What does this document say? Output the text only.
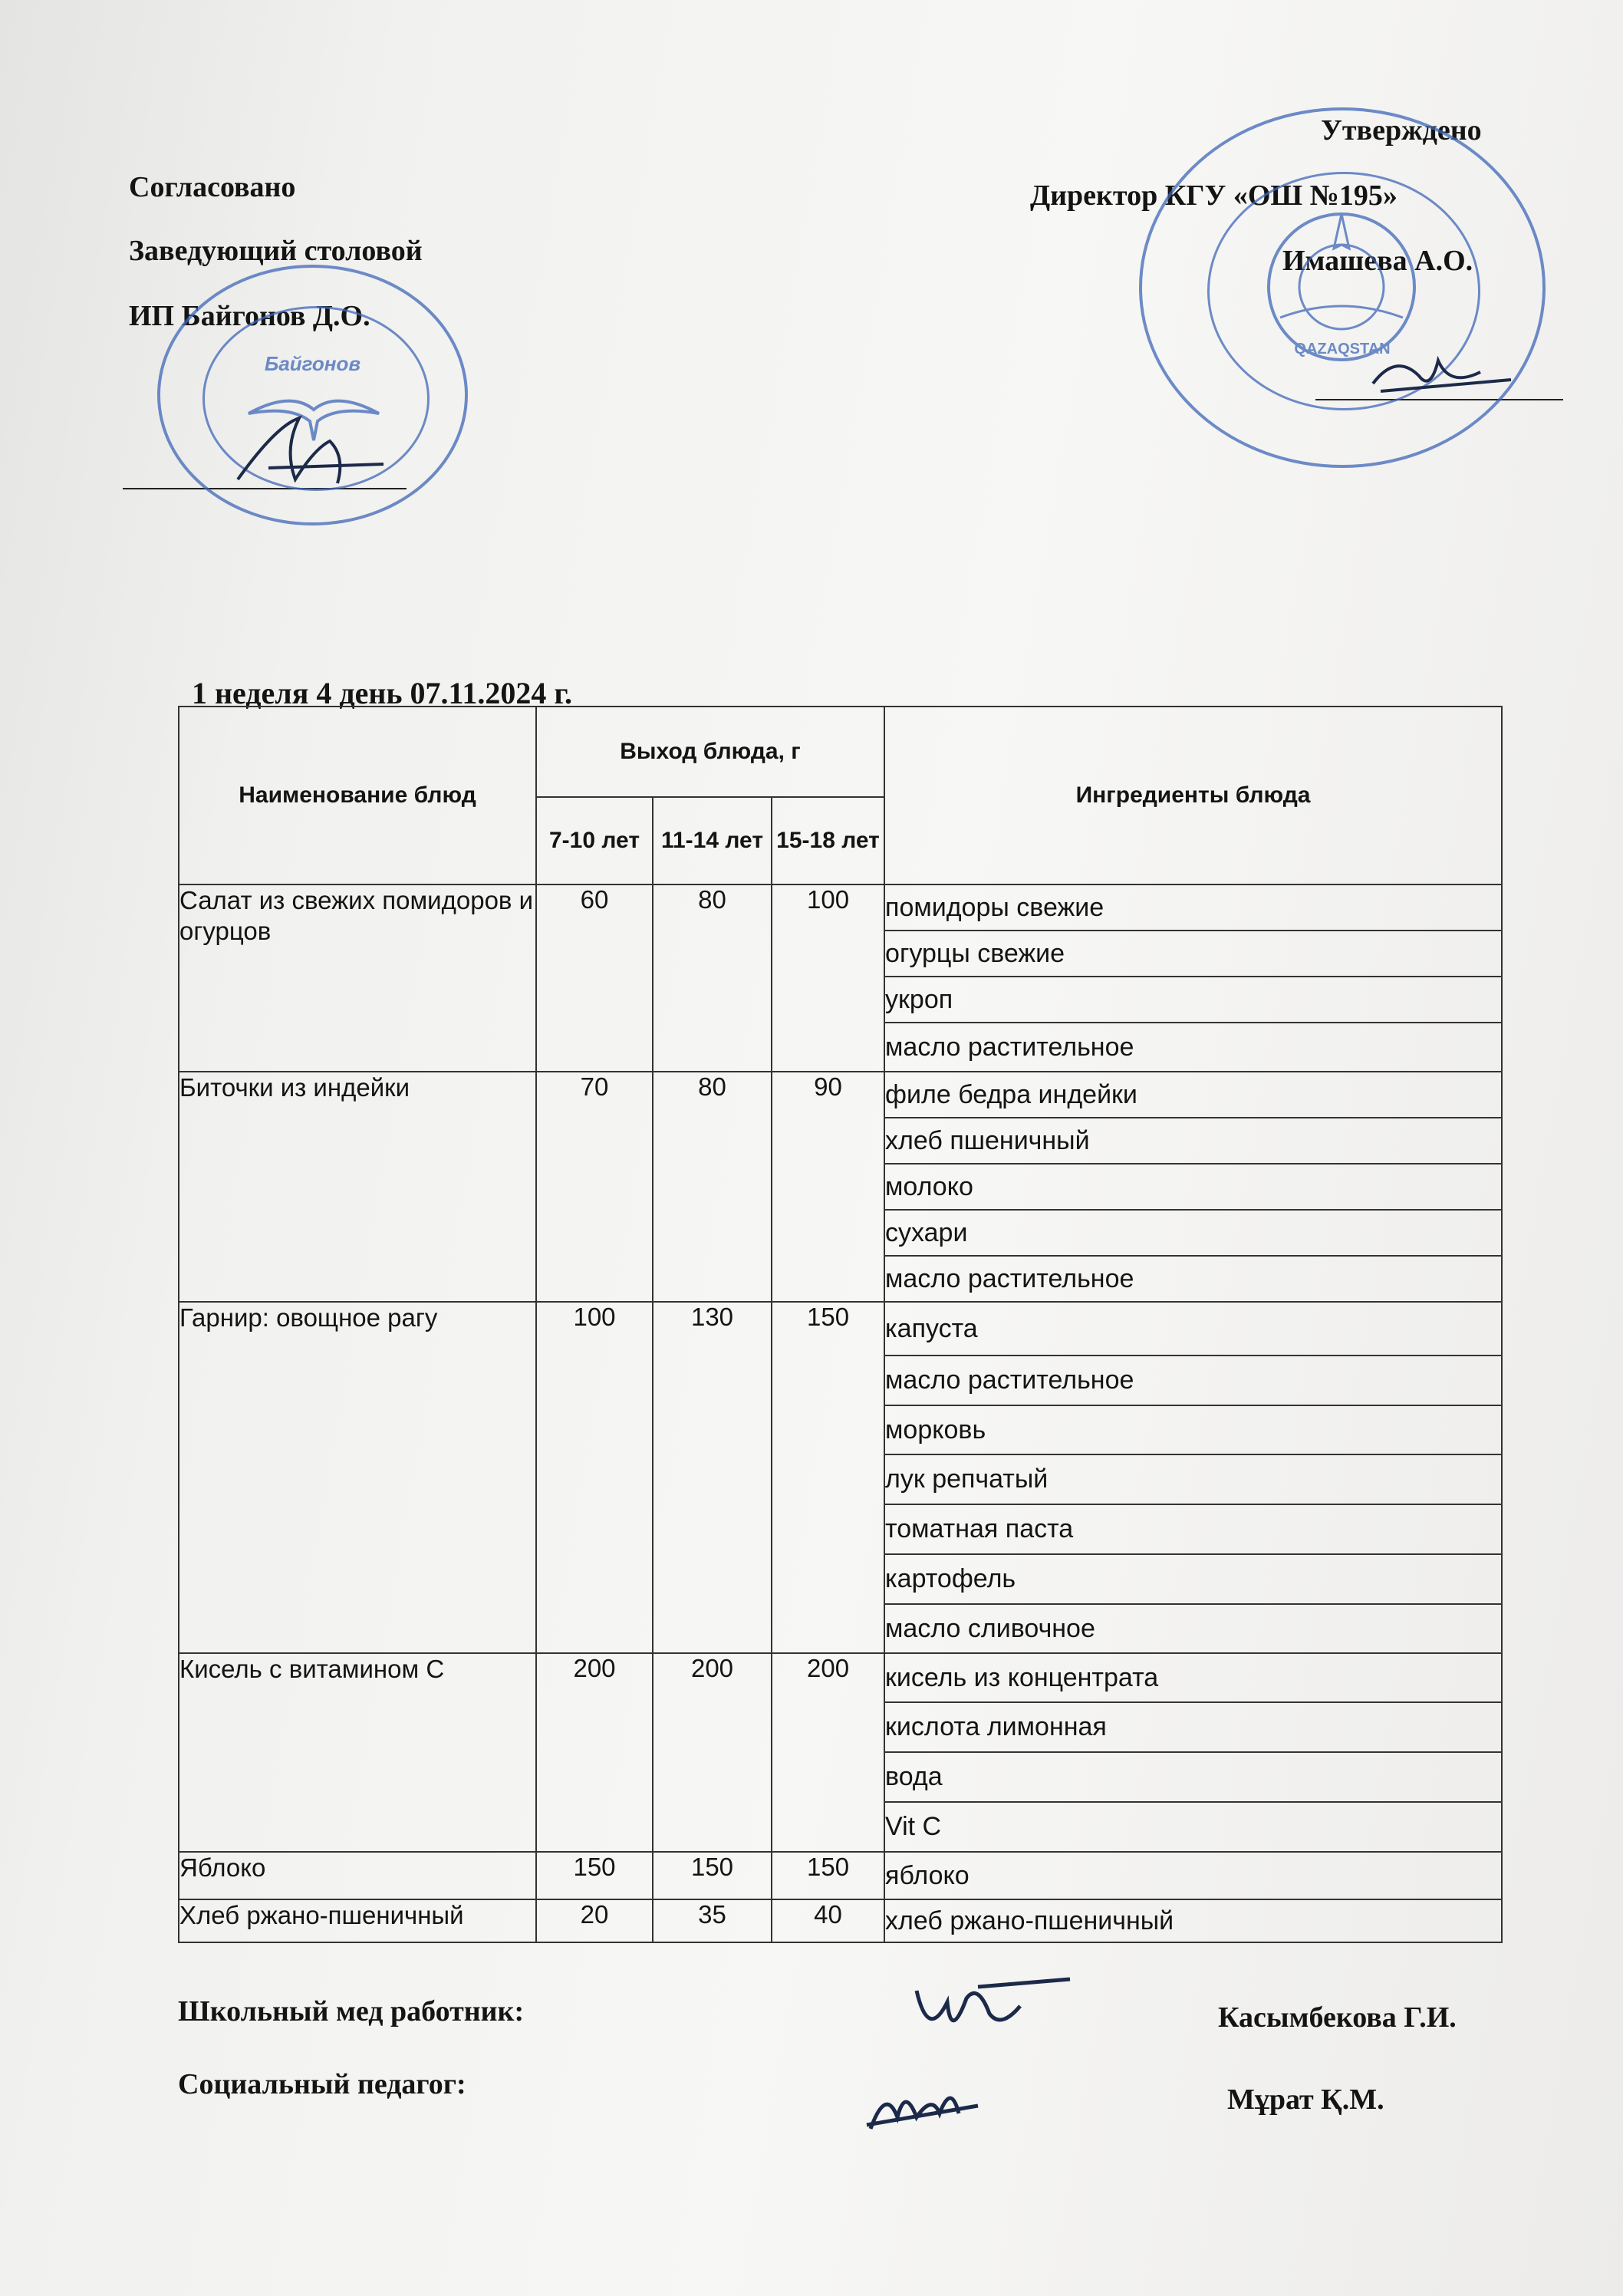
Согласовано
Заведующий столовой
ИП Байгонов Д.О.
Утверждено
Директор КГУ «ОШ №195»
Имашева А.О.
Байгонов
QAZAQSTAN
1 неделя 4 день 07.11.2024 г.
Наименование блюд	Выход блюда, г			Ингредиенты блюда
	7-10 лет	11-14 лет	15-18 лет	
Салат из свежих помидоров и огурцов	60	80	100	помидоры свежие
				огурцы свежие
				укроп
				масло растительное
Биточки из индейки	70	80	90	филе бедра индейки
				хлеб пшеничный
				молоко
				сухари
				масло растительное
Гарнир: овощное рагу	100	130	150	капуста
				масло растительное
				морковь
				лук репчатый
				томатная паста
				картофель
				масло сливочное
Кисель с витамином С	200	200	200	кисель из концентрата
				кислота лимонная
				вода
				Vit C
Яблоко	150	150	150	яблоко
Хлеб ржано-пшеничный	20	35	40	хлеб ржано-пшеничный
Школьный мед работник:	Касымбекова Г.И.
Социальный педагог:	Мұрат Қ.М.
